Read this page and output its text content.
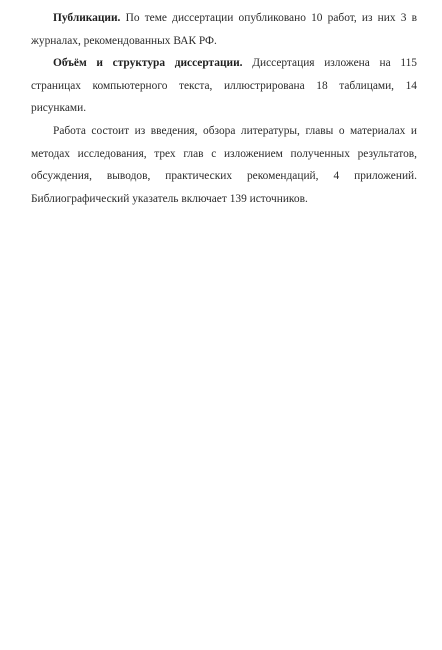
Публикации. По теме диссертации опубликовано 10 работ, из них 3 в
журналах, рекомендованных ВАК РФ.
Объём и структура диссертации. Диссертация изложена на 115
страницах компьютерного текста, иллюстрирована 18 таблицами, 14
рисунками.
Работа состоит из введения, обзора литературы, главы о материалах и
методах исследования, трех глав с изложением полученных результатов,
обсуждения, выводов, практических рекомендаций, 4 приложений.
Библиографический указатель включает 139 источников.
